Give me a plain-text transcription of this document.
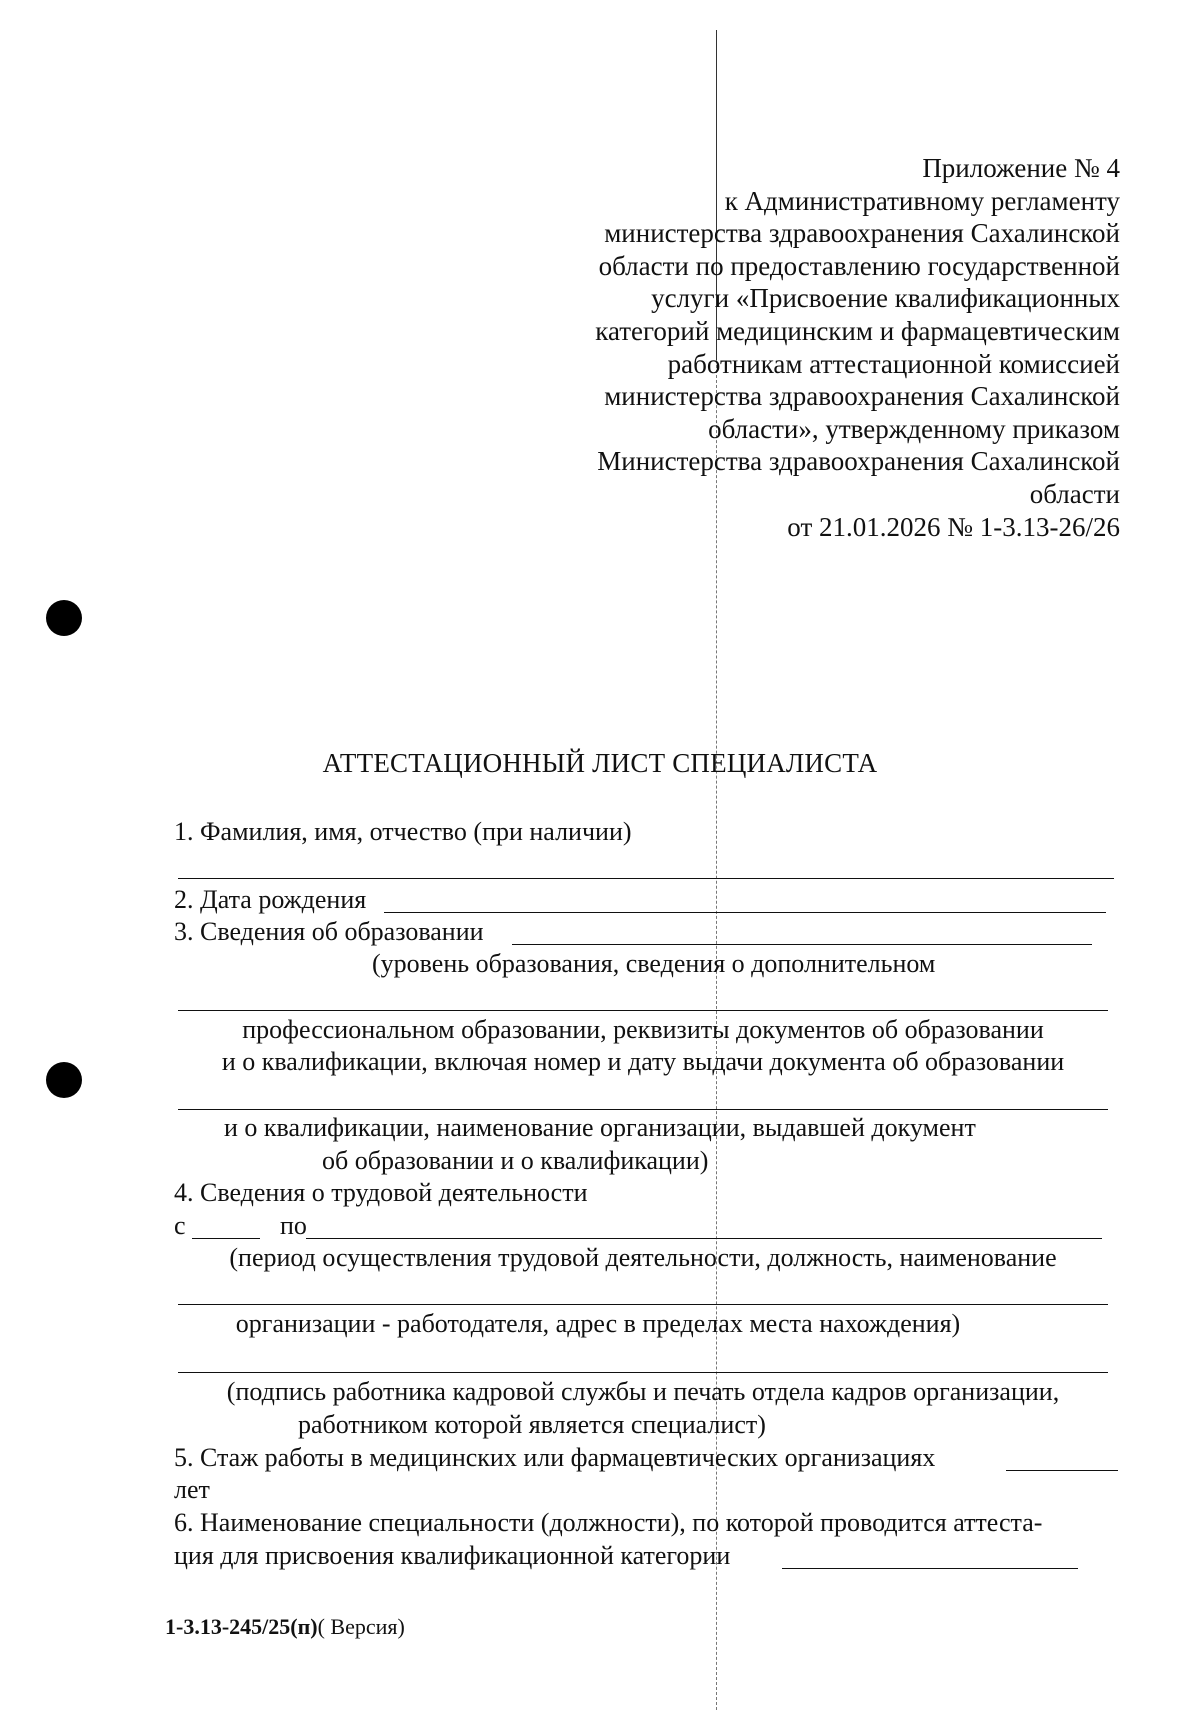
Приложение № 4
к Административному регламенту
министерства здравоохранения Сахалинской
области по предоставлению государственной
услуги «Присвоение квалификационных
категорий медицинским и фармацевтическим
работникам аттестационной комиссией
министерства здравоохранения Сахалинской
области», утвержденному приказом
Министерства здравоохранения Сахалинской
области
от 21.01.2026 № 1-3.13-26/26
АТТЕСТАЦИОННЫЙ ЛИСТ СПЕЦИАЛИСТА
1. Фамилия, имя, отчество (при наличии)
2. Дата рождения
3. Сведения об образовании
(уровень образования, сведения о дополнительном
профессиональном образовании, реквизиты документов об образовании
и о квалификации, включая номер и дату выдачи документа об образовании
и о квалификации, наименование организации, выдавшей документ
об образовании и о квалификации)
4. Сведения о трудовой деятельности
с	по
(период осуществления трудовой деятельности, должность, наименование
организации - работодателя, адрес в пределах места нахождения)
(подпись работника кадровой службы и печать отдела кадров организации,
работником которой является специалист)
5. Стаж работы в медицинских или фармацевтических организациях
лет
6. Наименование специальности (должности), по которой проводится аттеста-
ция для присвоения квалификационной категории
1-3.13-245/25(п)( Версия)
